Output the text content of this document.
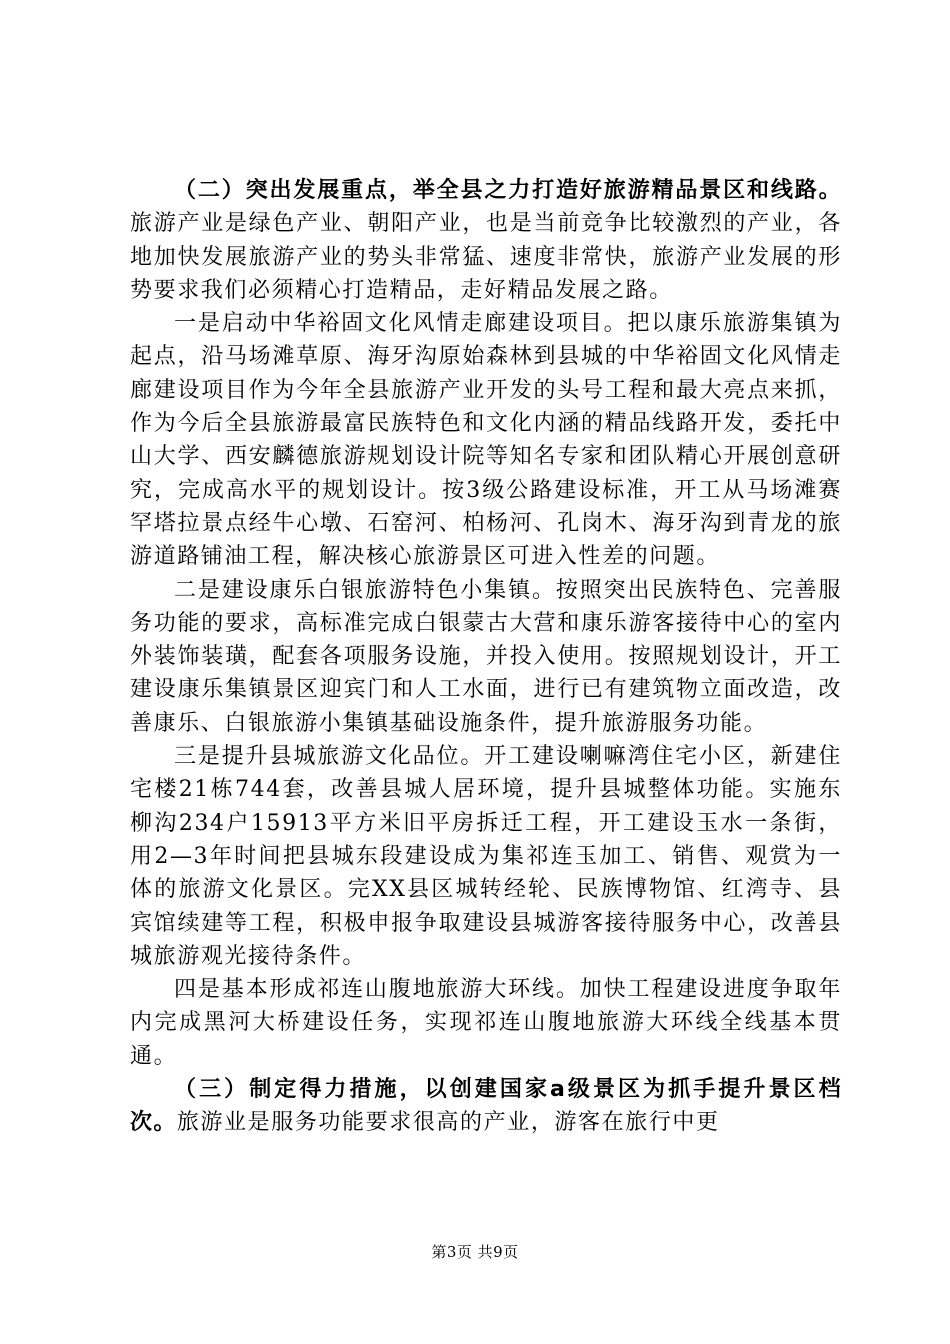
（二）突出发展重点，举全县之力打造好旅游精品景区和线路。旅游产业是绿色产业、朝阳产业，也是当前竞争比较激烈的产业，各地加快发展旅游产业的势头非常猛、速度非常快，旅游产业发展的形势要求我们必须精心打造精品，走好精品发展之路。

一是启动中华裕固文化风情走廊建设项目。把以康乐旅游集镇为起点，沿马场滩草原、海牙沟原始森林到县城的中华裕固文化风情走廊建设项目作为今年全县旅游产业开发的头号工程和最大亮点来抓，作为今后全县旅游最富民族特色和文化内涵的精品线路开发，委托中山大学、西安麟德旅游规划设计院等知名专家和团队精心开展创意研究，完成高水平的规划设计。按3级公路建设标准，开工从马场滩赛罕塔拉景点经牛心墩、石窑河、柏杨河、孔岗木、海牙沟到青龙的旅游道路铺油工程，解决核心旅游景区可进入性差的问题。

二是建设康乐白银旅游特色小集镇。按照突出民族特色、完善服务功能的要求，高标准完成白银蒙古大营和康乐游客接待中心的室内外装饰装璜，配套各项服务设施，并投入使用。按照规划设计，开工建设康乐集镇景区迎宾门和人工水面，进行已有建筑物立面改造，改善康乐、白银旅游小集镇基础设施条件，提升旅游服务功能。

三是提升县城旅游文化品位。开工建设喇嘛湾住宅小区，新建住宅楼21栋744套，改善县城人居环境，提升县城整体功能。实施东柳沟234户15913平方米旧平房拆迁工程，开工建设玉水一条街，用2—3年时间把县城东段建设成为集祁连玉加工、销售、观赏为一体的旅游文化景区。完XX县区城转经轮、民族博物馆、红湾寺、县宾馆续建等工程，积极申报争取建设县城游客接待服务中心，改善县城旅游观光接待条件。

四是基本形成祁连山腹地旅游大环线。加快工程建设进度争取年内完成黑河大桥建设任务，实现祁连山腹地旅游大环线全线基本贯通。

（三）制定得力措施，以创建国家a级景区为抓手提升景区档次。旅游业是服务功能要求很高的产业，游客在旅行中更

第3页 共9页
